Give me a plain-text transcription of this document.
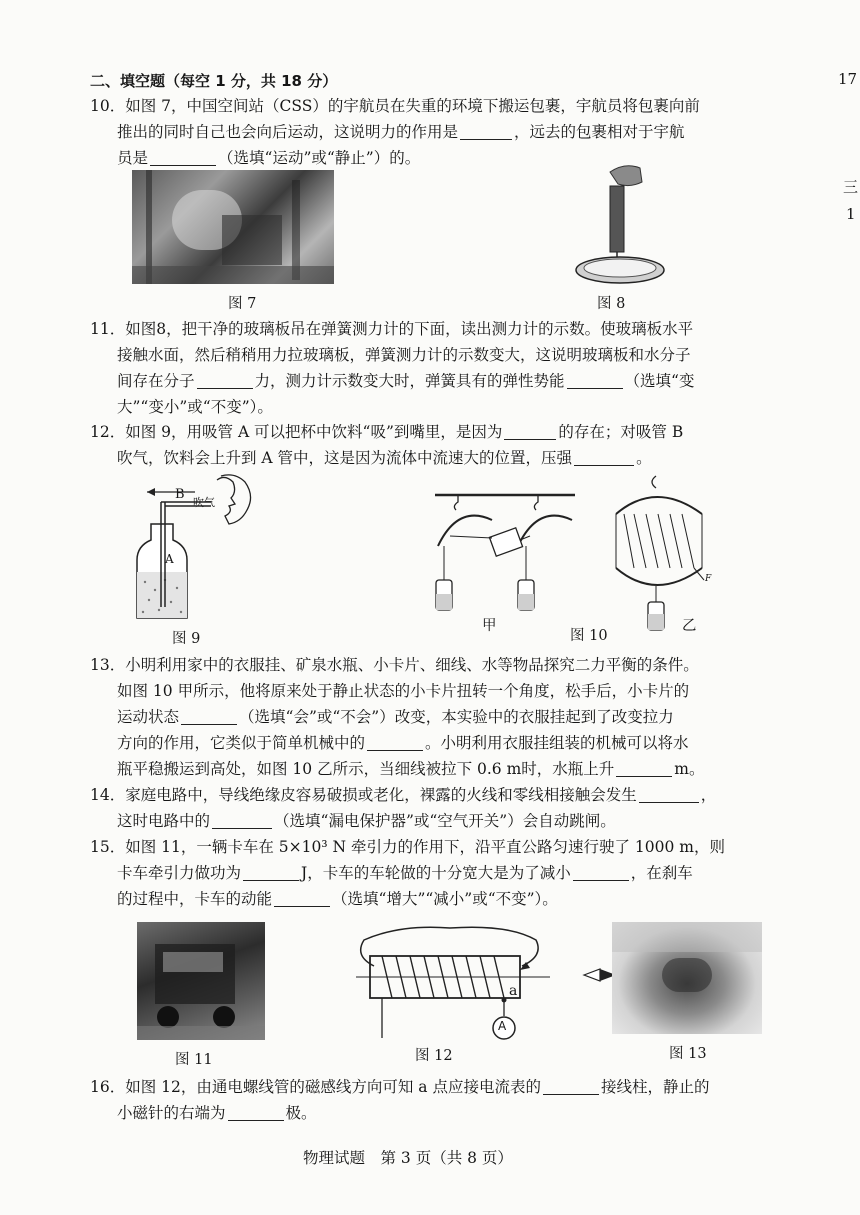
17
三
1
二、填空题（每空 1 分，共 18 分）
10．如图 7，中国空间站（CSS）的宇航员在失重的环境下搬运包裹，宇航员将包裹向前
推出的同时自己也会向后运动，这说明力的作用是	，远去的包裹相对于宇航
员是	（选填“运动”或“静止”）的。
图 7	图 8
11．如图8，把干净的玻璃板吊在弹簧测力计的下面，读出测力计的示数。使玻璃板水平
接触水面，然后稍稍用力拉玻璃板，弹簧测力计的示数变大，这说明玻璃板和水分子
间存在分子	力，测力计示数变大时，弹簧具有的弹性势能	（选填“变
大”“变小”或“不变”）。
12．如图 9，用吸管 A 可以把杯中饮料“吸”到嘴里，是因为	的存在；对吸管 B
吹气，饮料会上升到 A 管中，这是因为流体中流速大的位置，压强	。
B
A
吹气
图 9
甲
F
乙
图 10
13．小明利用家中的衣服挂、矿泉水瓶、小卡片、细线、水等物品探究二力平衡的条件。
如图 10 甲所示，他将原来处于静止状态的小卡片扭转一个角度，松手后，小卡片的
运动状态	（选填“会”或“不会”）改变，本实验中的衣服挂起到了改变拉力
方向的作用，它类似于简单机械中的	。小明利用衣服挂组装的机械可以将水
瓶平稳搬运到高处，如图 10 乙所示，当细线被拉下 0.6 m时，水瓶上升	m。
14．家庭电路中，导线绝缘皮容易破损或老化，裸露的火线和零线相接触会发生	，
这时电路中的	（选填“漏电保护器”或“空气开关”）会自动跳闸。
15．如图 11，一辆卡车在 5×10³ N 牵引力的作用下，沿平直公路匀速行驶了 1000 m，则
卡车牵引力做功为	J，卡车的车轮做的十分宽大是为了减小	，在刹车
的过程中，卡车的动能	（选填“增大”“减小”或“不变”）。
图 11
a
A
图 12	图 13
16．如图 12，由通电螺线管的磁感线方向可知 a 点应接电流表的	接线柱，静止的
小磁针的右端为	极。
物理试题　第 3 页（共 8 页）
